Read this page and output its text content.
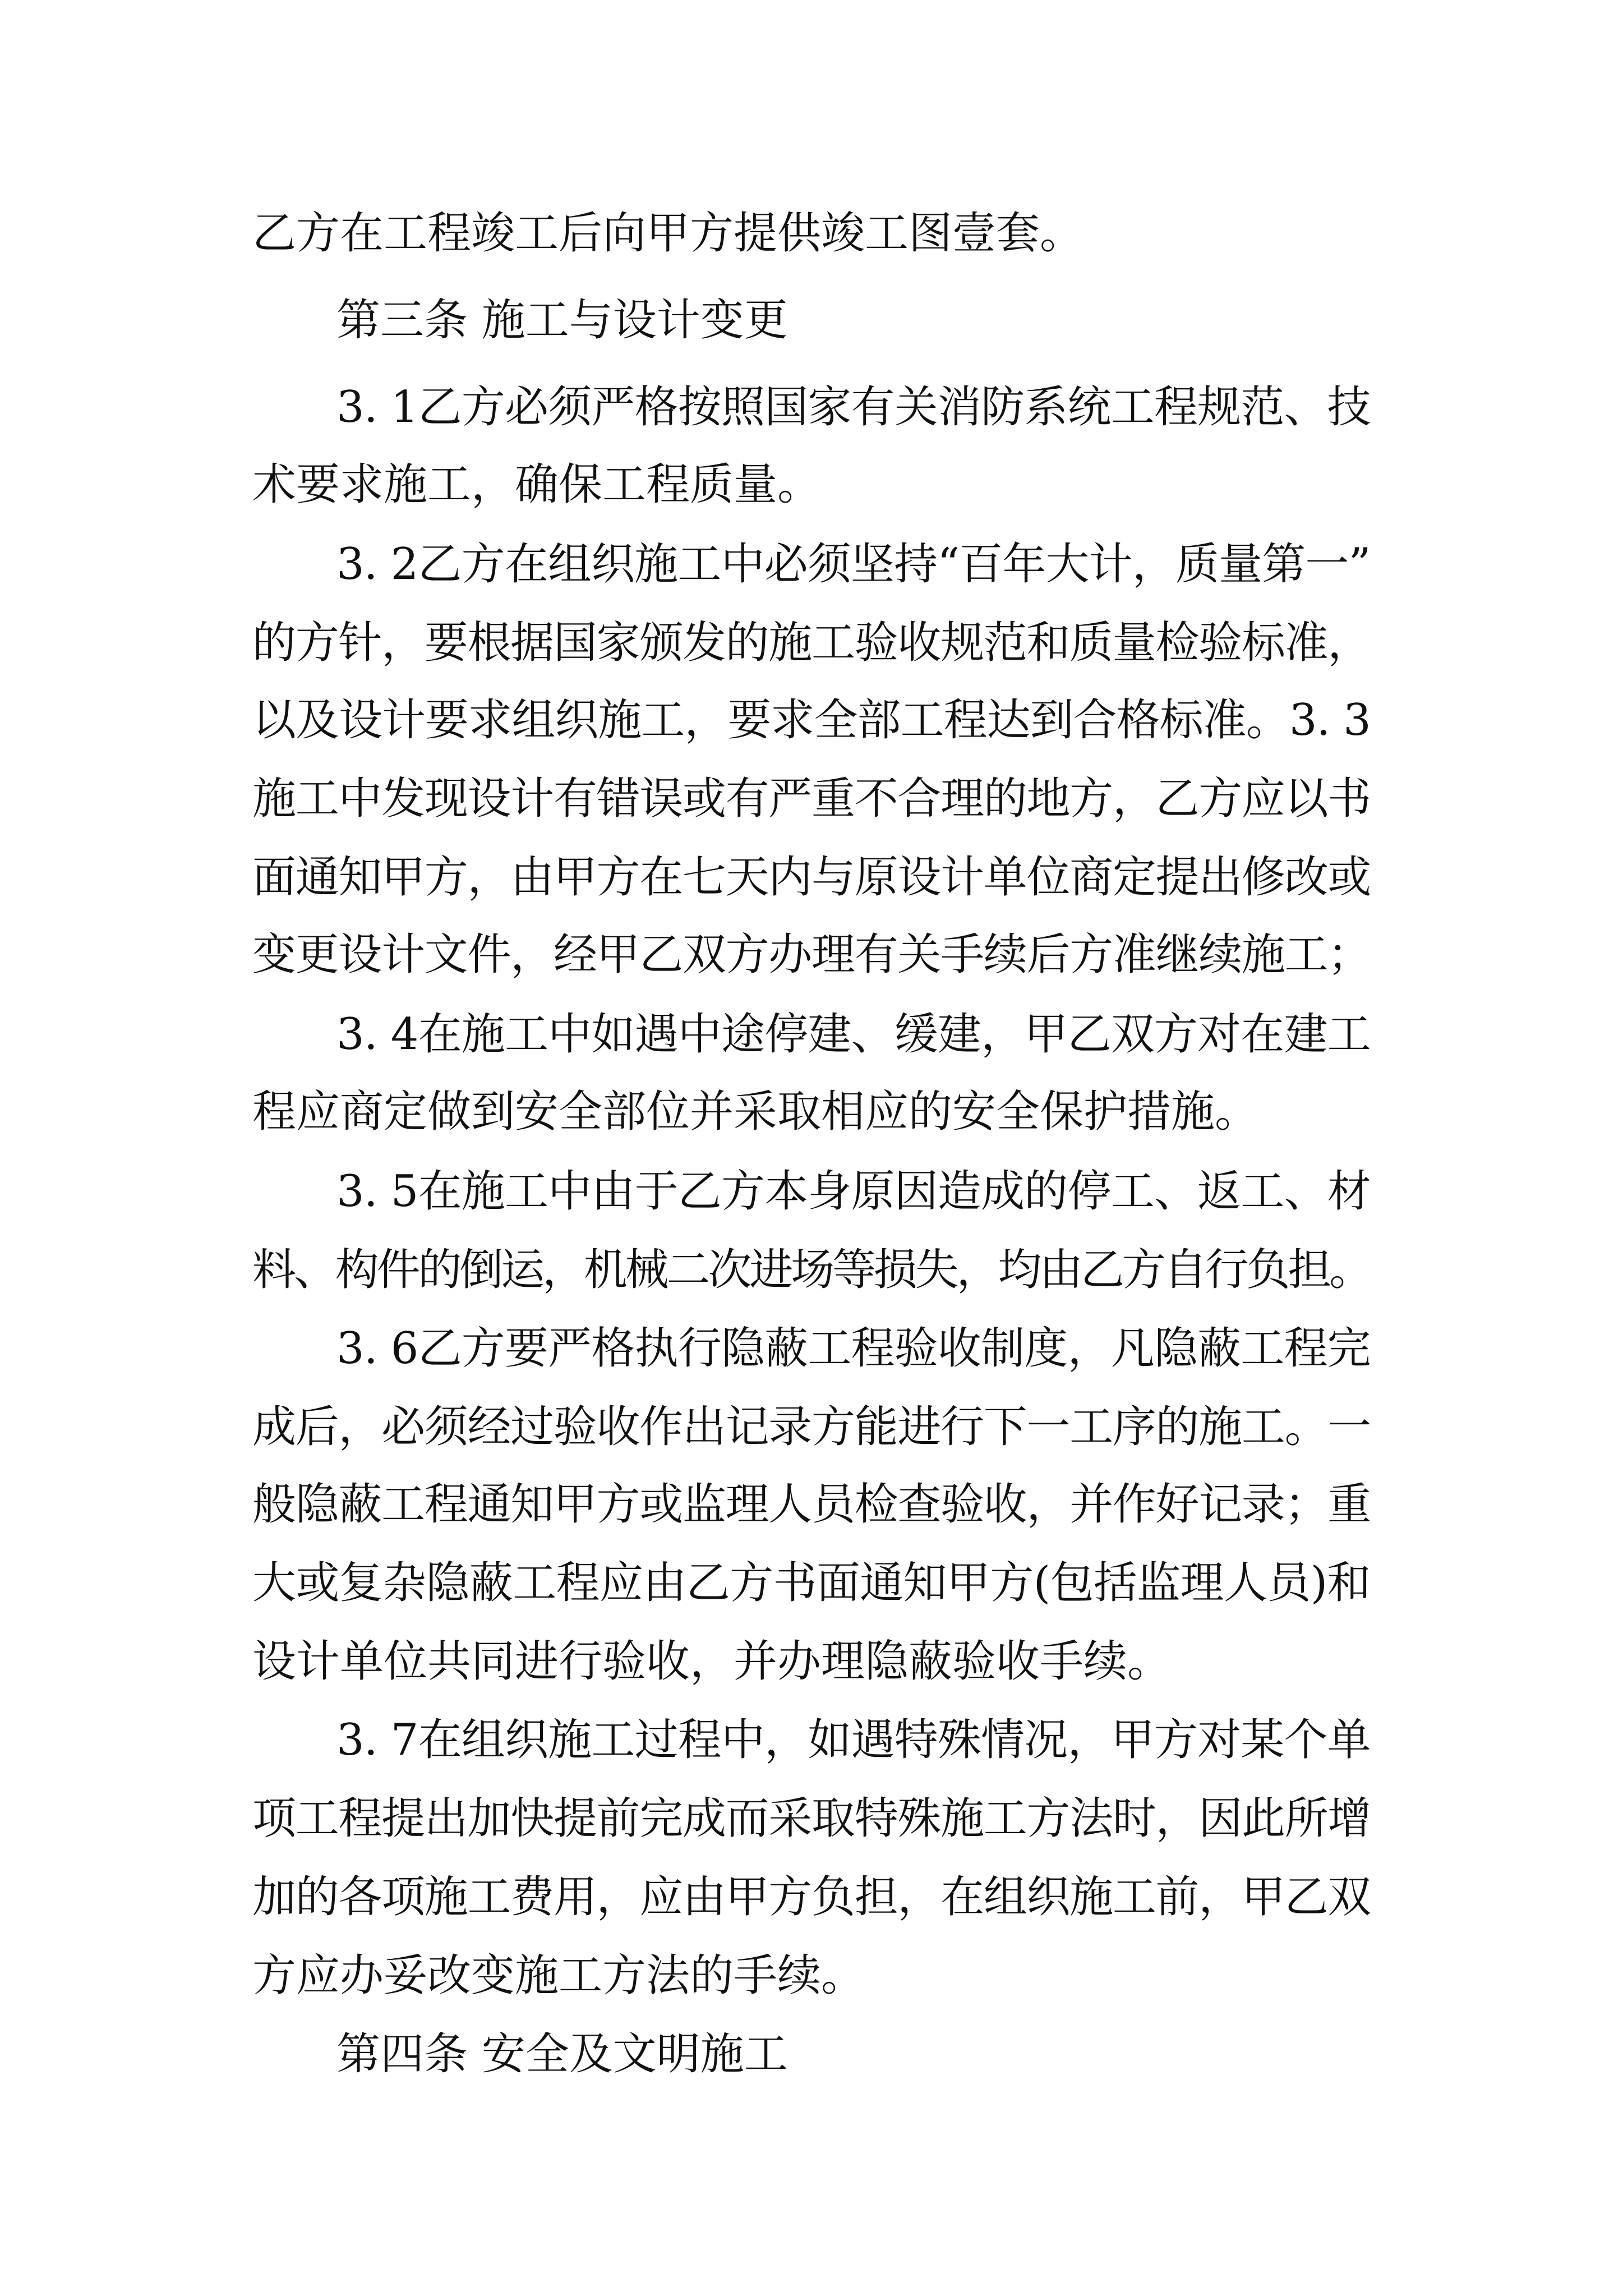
乙方在工程竣工后向甲方提供竣工图壹套。

第三条 施工与设计变更

3. 1乙方必须严格按照国家有关消防系统工程规范、技

术要求施工，确保工程质量。

3. 2乙方在组织施工中必须坚持“百年大计，质量第一”

的方针，要根据国家颁发的施工验收规范和质量检验标准，

以及设计要求组织施工，要求全部工程达到合格标准。3. 3

施工中发现设计有错误或有严重不合理的地方，乙方应以书

面通知甲方，由甲方在七天内与原设计单位商定提出修改或

变更设计文件，经甲乙双方办理有关手续后方准继续施工；

3. 4在施工中如遇中途停建、缓建，甲乙双方对在建工

程应商定做到安全部位并采取相应的安全保护措施。

3. 5在施工中由于乙方本身原因造成的停工、返工、材

料、构件的倒运，机械二次进场等损失，均由乙方自行负担。

3. 6乙方要严格执行隐蔽工程验收制度，凡隐蔽工程完

成后，必须经过验收作出记录方能进行下一工序的施工。一

般隐蔽工程通知甲方或监理人员检查验收，并作好记录；重

大或复杂隐蔽工程应由乙方书面通知甲方(包括监理人员)和

设计单位共同进行验收，并办理隐蔽验收手续。

3. 7在组织施工过程中，如遇特殊情况，甲方对某个单

项工程提出加快提前完成而采取特殊施工方法时，因此所增

加的各项施工费用，应由甲方负担，在组织施工前，甲乙双

方应办妥改变施工方法的手续。

第四条 安全及文明施工
